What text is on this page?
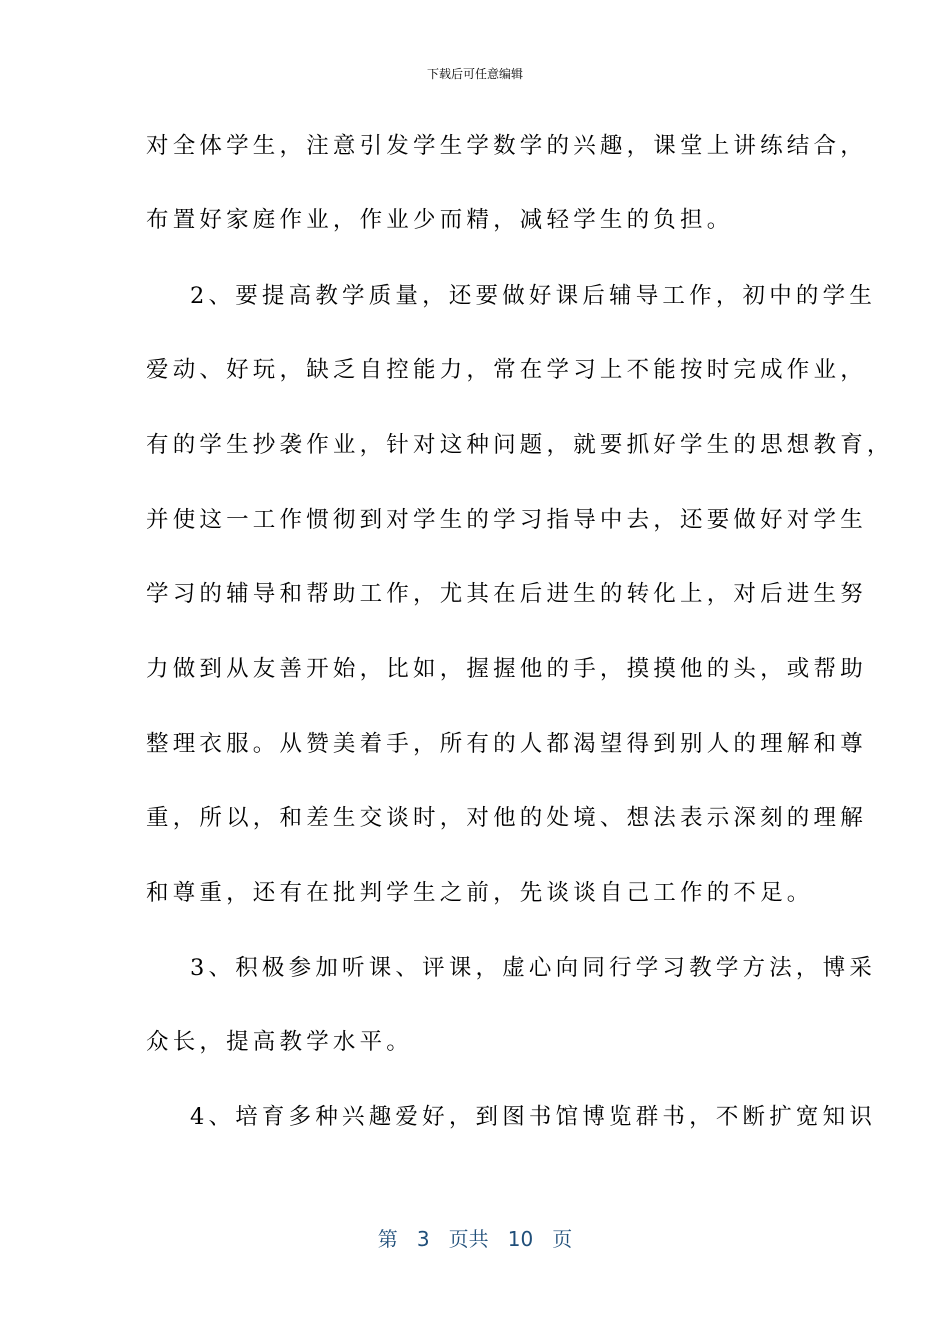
下载后可任意编辑
对全体学生，注意引发学生学数学的兴趣，课堂上讲练结合，
布置好家庭作业，作业少而精，减轻学生的负担。
2、要提高教学质量，还要做好课后辅导工作，初中的学生
爱动、好玩，缺乏自控能力，常在学习上不能按时完成作业，
有的学生抄袭作业，针对这种问题，就要抓好学生的思想教育，
并使这一工作惯彻到对学生的学习指导中去，还要做好对学生
学习的辅导和帮助工作，尤其在后进生的转化上，对后进生努
力做到从友善开始，比如，握握他的手，摸摸他的头，或帮助
整理衣服。从赞美着手，所有的人都渴望得到别人的理解和尊
重，所以，和差生交谈时，对他的处境、想法表示深刻的理解
和尊重，还有在批判学生之前，先谈谈自己工作的不足。
3、积极参加听课、评课，虚心向同行学习教学方法，博采
众长，提高教学水平。
4、培育多种兴趣爱好，到图书馆博览群书，不断扩宽知识
第 3 页共 10 页
